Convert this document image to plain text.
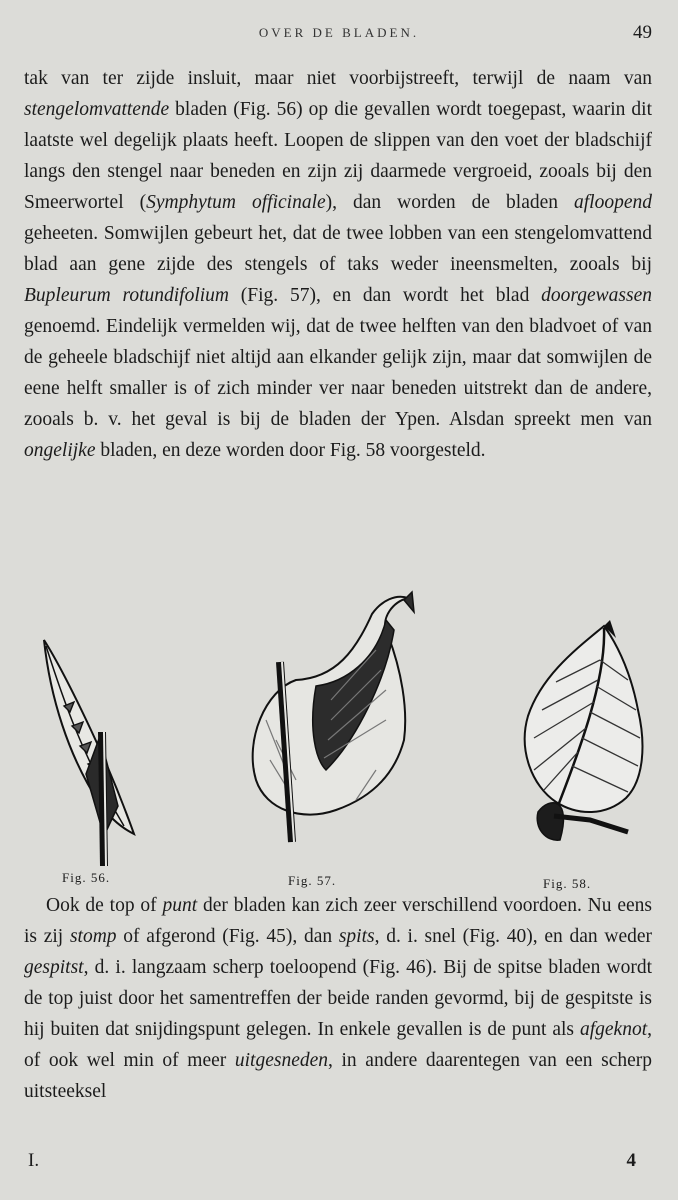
OVER DE BLADEN.	49

tak van ter zijde insluit, maar niet voorbijstreeft, terwijl de naam van stengelomvattende bladen (Fig. 56) op die gevallen wordt toegepast, waarin dit laatste wel degelijk plaats heeft. Loopen de slippen van den voet der bladschijf langs den stengel naar beneden en zijn zij daarmede vergroeid, zooals bij den Smeerwortel (Symphytum officinale), dan worden de bladen afloopend geheeten. Somwijlen gebeurt het, dat de twee lobben van een stengelomvattend blad aan gene zijde des stengels of taks weder ineensmelten, zooals bij Bupleurum rotundifolium (Fig. 57), en dan wordt het blad doorgewassen genoemd. Eindelijk vermelden wij, dat de twee helften van den bladvoet of van de geheele bladschijf niet altijd aan elkander gelijk zijn, maar dat somwijlen de eene helft smaller is of zich minder ver naar beneden uitstrekt dan de andere, zooals b. v. het geval is bij de bladen der Ypen. Alsdan spreekt men van ongelijke bladen, en deze worden door Fig. 58 voorgesteld.

Fig. 56.	Fig. 57.	Fig. 58.

Ook de top of punt der bladen kan zich zeer verschillend voordoen. Nu eens is zij stomp of afgerond (Fig. 45), dan spits, d. i. snel (Fig. 40), en dan weder gespitst, d. i. langzaam scherp toeloopend (Fig. 46). Bij de spitse bladen wordt de top juist door het samentreffen der beide randen gevormd, bij de gespitste is hij buiten dat snijdingspunt gelegen. In enkele gevallen is de punt als afgeknot, of ook wel min of meer uitgesneden, in andere daarentegen van een scherp uitsteeksel

I.	4
